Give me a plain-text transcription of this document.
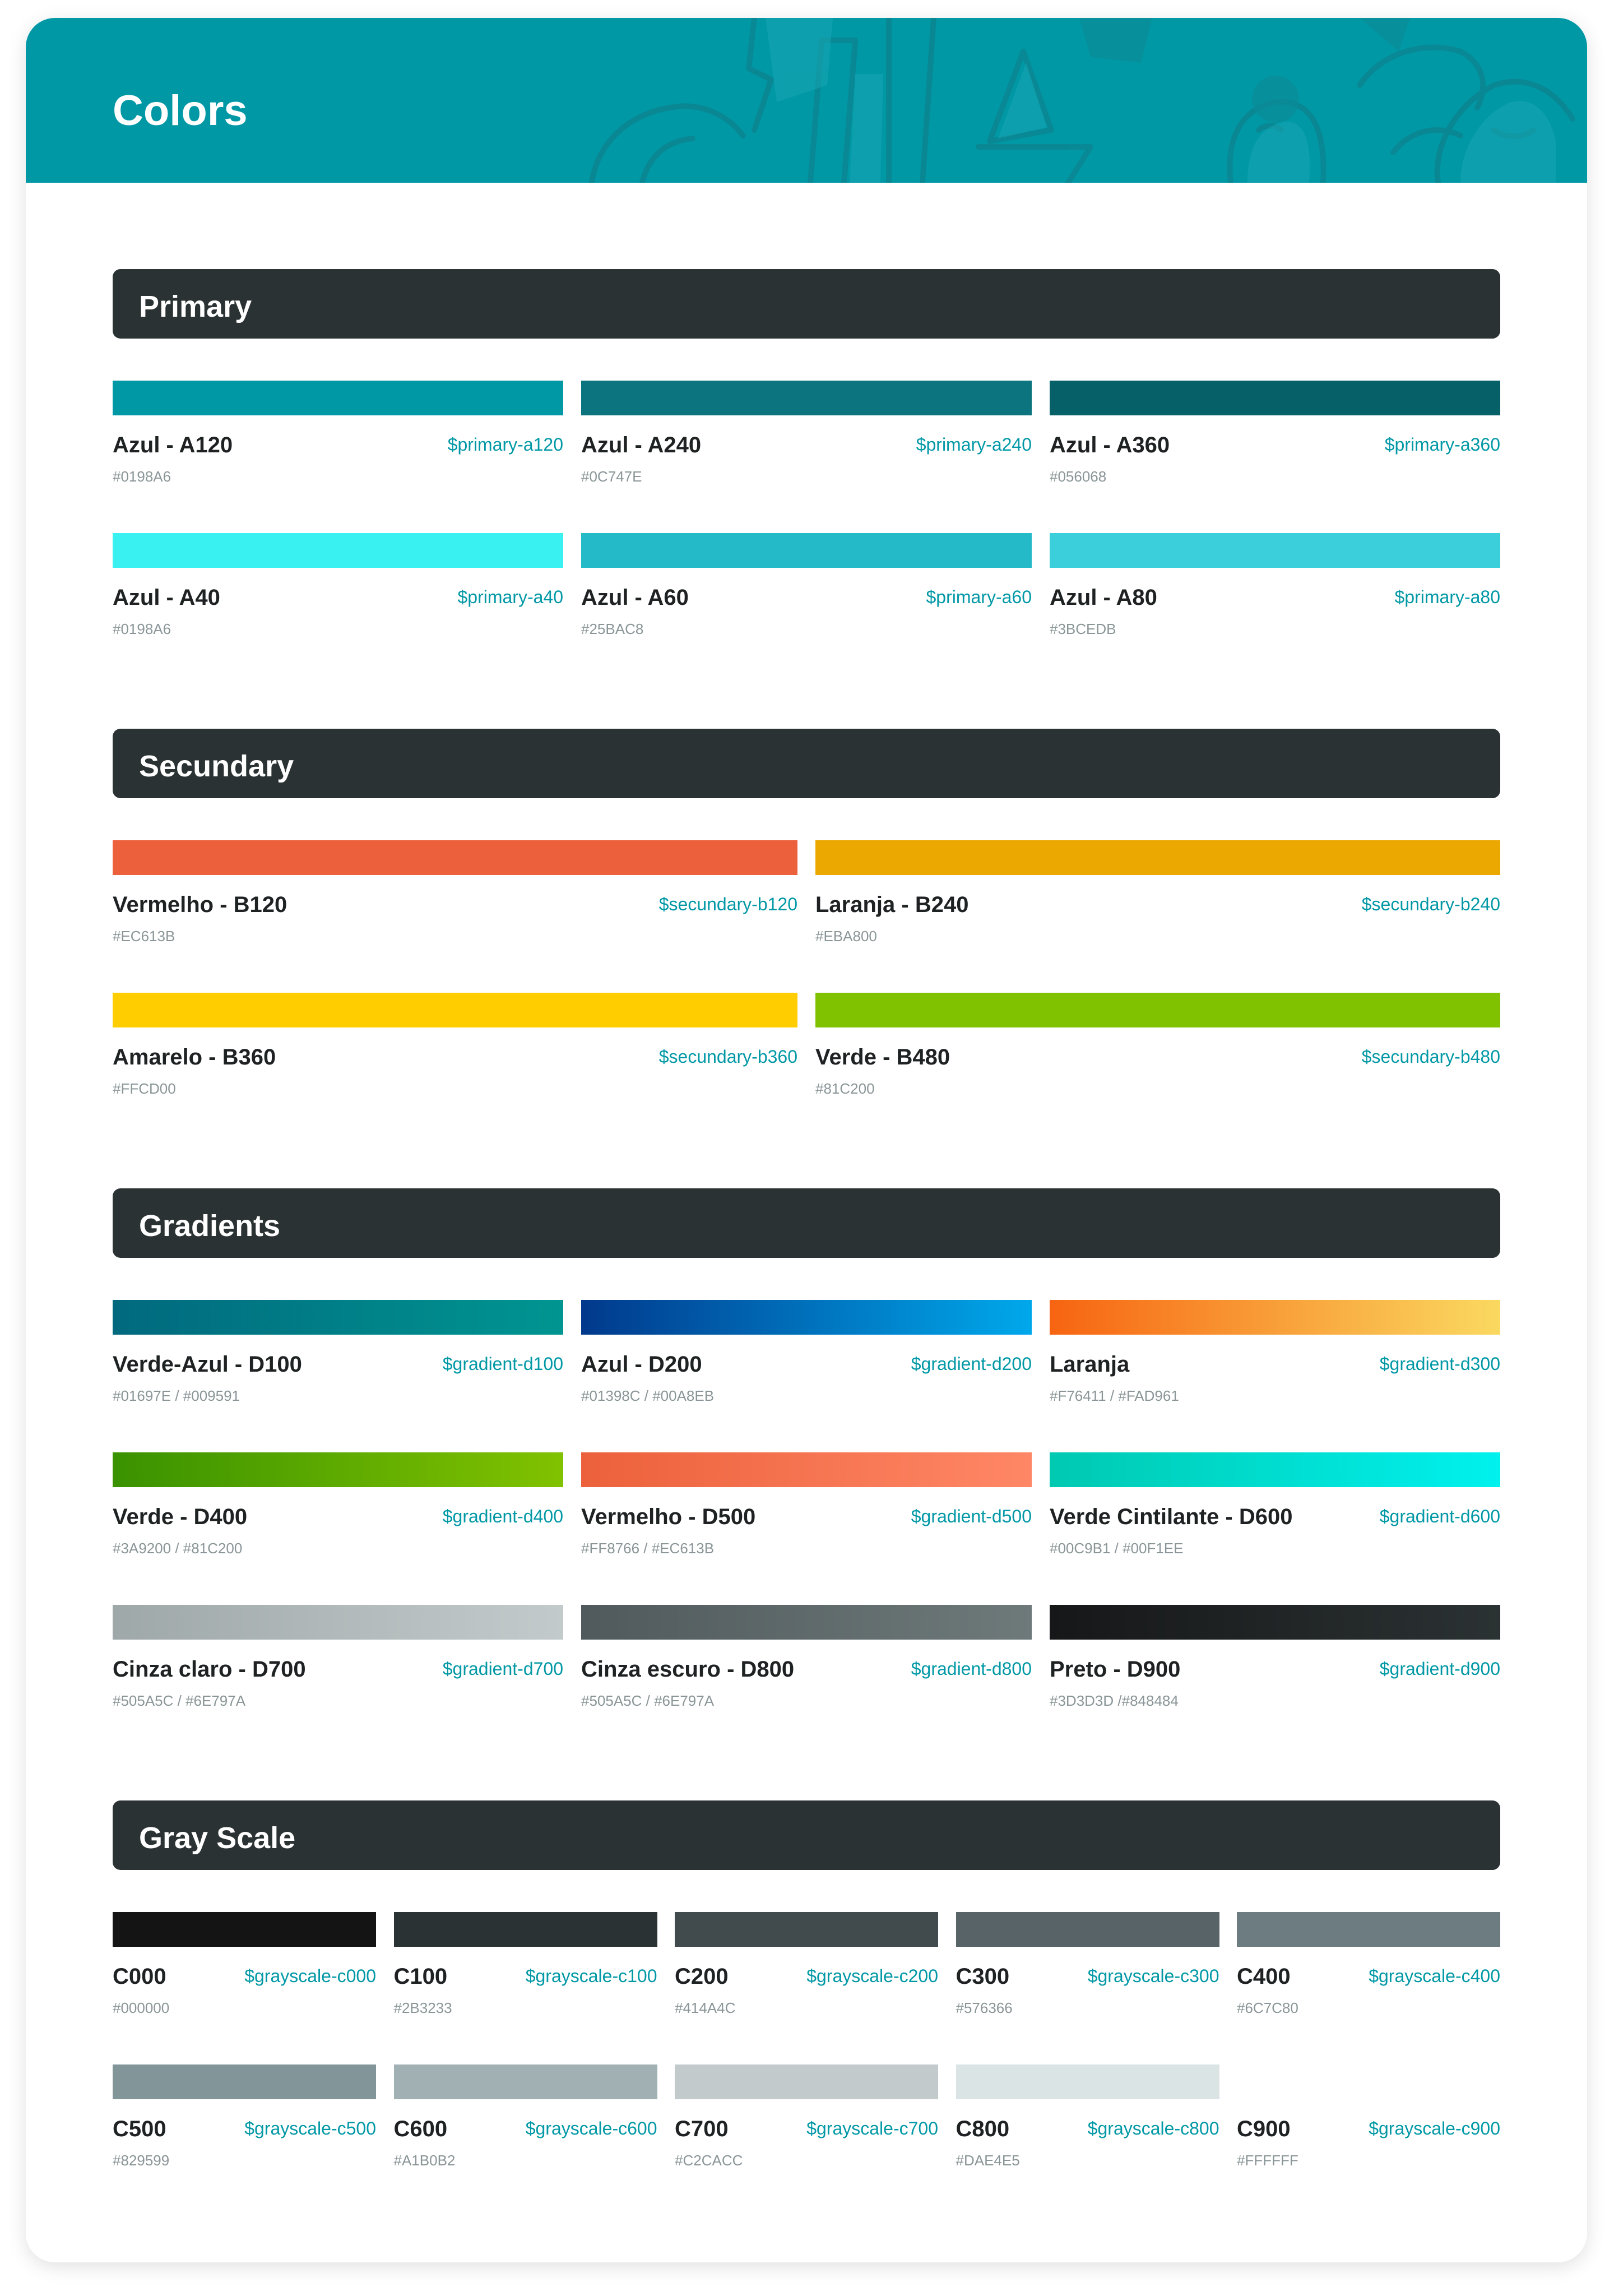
Colors
Primary
Azul - A120	$primary-a120
#0198A6
Azul - A240	$primary-a240
#0C747E
Azul - A360	$primary-a360
#056068
Azul - A40	$primary-a40
#0198A6
Azul - A60	$primary-a60
#25BAC8
Azul - A80	$primary-a80
#3BCEDB
Secundary
Vermelho - B120	$secundary-b120
#EC613B
Laranja - B240	$secundary-b240
#EBA800
Amarelo - B360	$secundary-b360
#FFCD00
Verde - B480	$secundary-b480
#81C200
Gradients
Verde-Azul - D100	$gradient-d100
#01697E / #009591
Azul - D200	$gradient-d200
#01398C / #00A8EB
Laranja	$gradient-d300
#F76411 / #FAD961
Verde - D400	$gradient-d400
#3A9200 / #81C200
Vermelho - D500	$gradient-d500
#FF8766 / #EC613B
Verde Cintilante - D600	$gradient-d600
#00C9B1 / #00F1EE
Cinza claro - D700	$gradient-d700
#505A5C / #6E797A
Cinza escuro - D800	$gradient-d800
#505A5C / #6E797A
Preto - D900	$gradient-d900
#3D3D3D /#848484
Gray Scale
C000	$grayscale-c000
#000000
C100	$grayscale-c100
#2B3233
C200	$grayscale-c200
#414A4C
C300	$grayscale-c300
#576366
C400	$grayscale-c400
#6C7C80
C500	$grayscale-c500
#829599
C600	$grayscale-c600
#A1B0B2
C700	$grayscale-c700
#C2CACC
C800	$grayscale-c800
#DAE4E5
C900	$grayscale-c900
#FFFFFF
